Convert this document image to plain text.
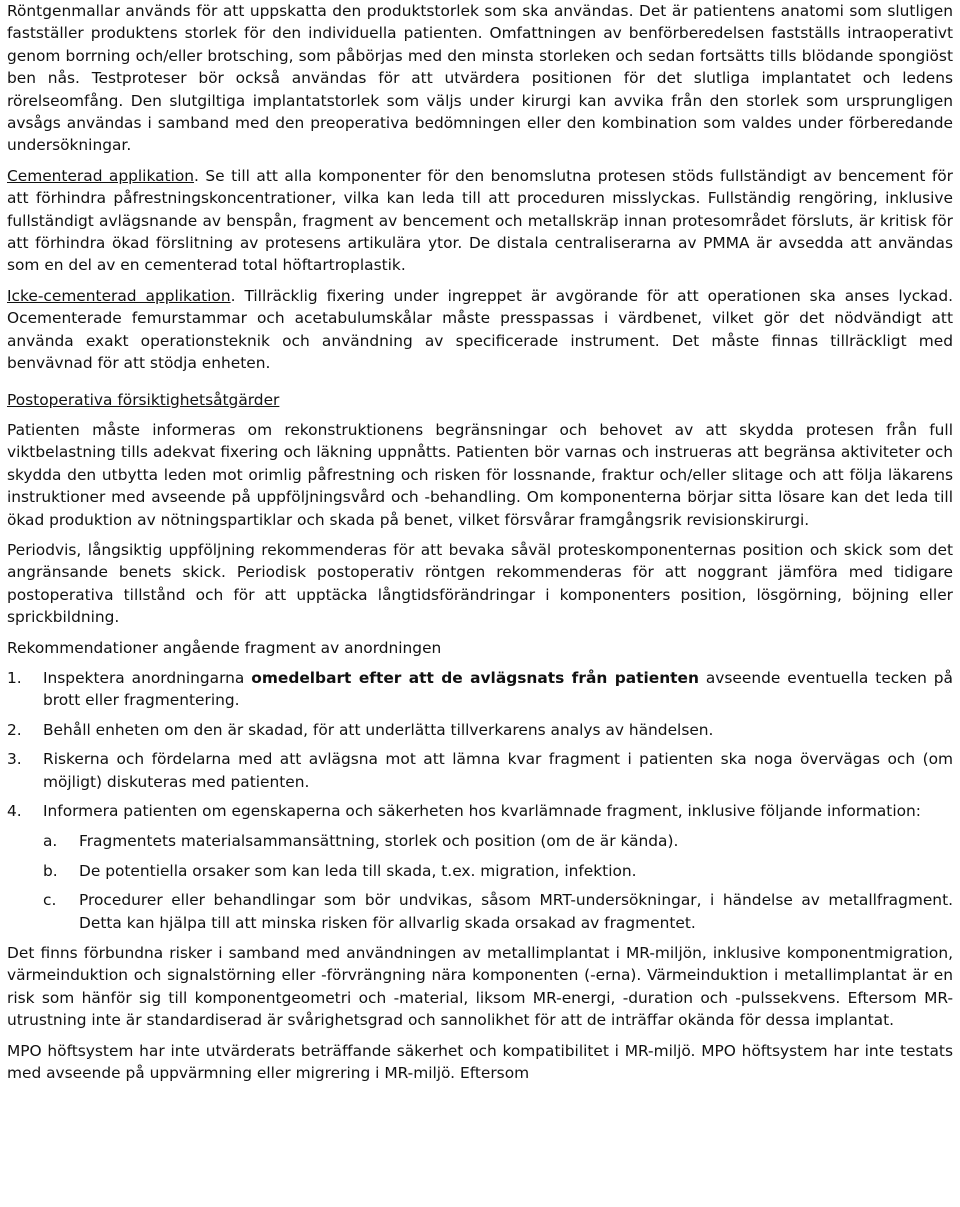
Röntgenmallar används för att uppskatta den produktstorlek som ska användas. Det är patientens anatomi som slutligen fastställer produktens storlek för den individuella patienten. Omfattningen av benförberedelsen fastställs intraoperativt genom borrning och/eller brotsching, som påbörjas med den minsta storleken och sedan fortsätts tills blödande spongiöst ben nås. Testproteser bör också användas för att utvärdera positionen för det slutliga implantatet och ledens rörelseomfång. Den slutgiltiga implantatstorlek som väljs under kirurgi kan avvika från den storlek som ursprungligen avsågs användas i samband med den preoperativa bedömningen eller den kombination som valdes under förberedande undersökningar.

Cementerad applikation. Se till att alla komponenter för den benomslutna protesen stöds fullständigt av bencement för att förhindra påfrestningskoncentrationer, vilka kan leda till att proceduren misslyckas. Fullständig rengöring, inklusive fullständigt avlägsnande av benspån, fragment av bencement och metallskräp innan protesområdet försluts, är kritisk för att förhindra ökad förslitning av protesens artikulära ytor. De distala centraliserarna av PMMA är avsedda att användas som en del av en cementerad total höftartroplastik.

Icke-cementerad applikation. Tillräcklig fixering under ingreppet är avgörande för att operationen ska anses lyckad. Ocementerade femurstammar och acetabulumskålar måste presspassas i värdbenet, vilket gör det nödvändigt att använda exakt operationsteknik och användning av specificerade instrument. Det måste finnas tillräckligt med benvävnad för att stödja enheten.

Postoperativa försiktighetsåtgärder

Patienten måste informeras om rekonstruktionens begränsningar och behovet av att skydda protesen från full viktbelastning tills adekvat fixering och läkning uppnåtts. Patienten bör varnas och instrueras att begränsa aktiviteter och skydda den utbytta leden mot orimlig påfrestning och risken för lossnande, fraktur och/eller slitage och att följa läkarens instruktioner med avseende på uppföljningsvård och -behandling. Om komponenterna börjar sitta lösare kan det leda till ökad produktion av nötningspartiklar och skada på benet, vilket försvårar framgångsrik revisionskirurgi.

Periodvis, långsiktig uppföljning rekommenderas för att bevaka såväl proteskomponenternas position och skick som det angränsande benets skick. Periodisk postoperativ röntgen rekommenderas för att noggrant jämföra med tidigare postoperativa tillstånd och för att upptäcka långtidsförändringar i komponenters position, lösgörning, böjning eller sprickbildning.

Rekommendationer angående fragment av anordningen

1. Inspektera anordningarna omedelbart efter att de avlägsnats från patienten avseende eventuella tecken på brott eller fragmentering.
2. Behåll enheten om den är skadad, för att underlätta tillverkarens analys av händelsen.
3. Riskerna och fördelarna med att avlägsna mot att lämna kvar fragment i patienten ska noga övervägas och (om möjligt) diskuteras med patienten.
4. Informera patienten om egenskaperna och säkerheten hos kvarlämnade fragment, inklusive följande information:
a. Fragmentets materialsammansättning, storlek och position (om de är kända).
b. De potentiella orsaker som kan leda till skada, t.ex. migration, infektion.
c. Procedurer eller behandlingar som bör undvikas, såsom MRT-undersökningar, i händelse av metallfragment. Detta kan hjälpa till att minska risken för allvarlig skada orsakad av fragmentet.

Det finns förbundna risker i samband med användningen av metallimplantat i MR-miljön, inklusive komponentmigration, värmeinduktion och signalstörning eller -förvrängning nära komponenten (-erna). Värmeinduktion i metallimplantat är en risk som hänför sig till komponentgeometri och -material, liksom MR-energi, -duration och -pulssekvens. Eftersom MR-utrustning inte är standardiserad är svårighetsgrad och sannolikhet för att de inträffar okända för dessa implantat.

MPO höftsystem har inte utvärderats beträffande säkerhet och kompatibilitet i MR-miljö. MPO höftsystem har inte testats med avseende på uppvärmning eller migrering i MR-miljö. Eftersom
